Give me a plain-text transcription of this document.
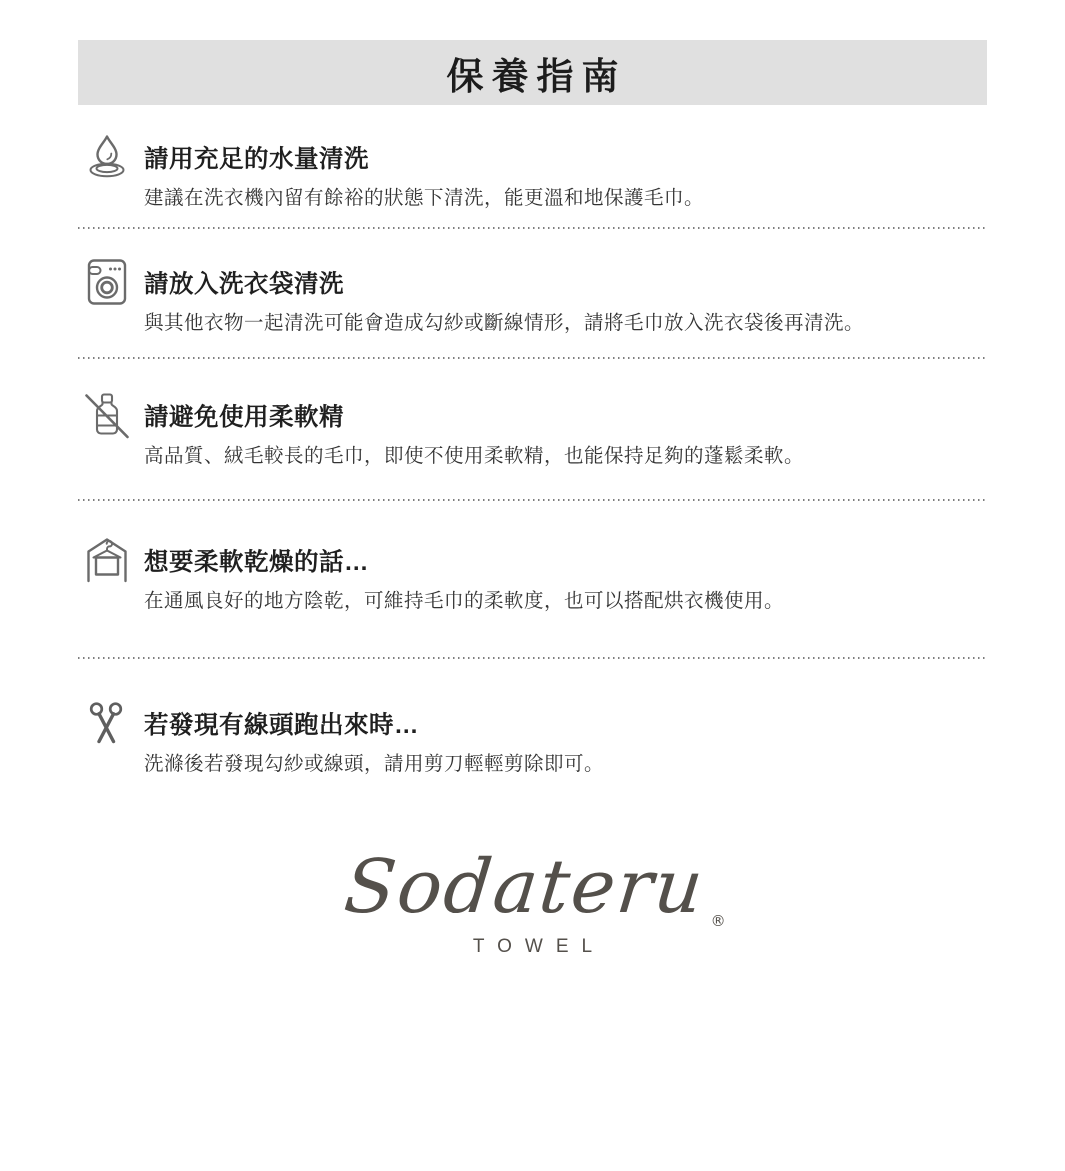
保養指南
請用充足的水量清洗
建議在洗衣機內留有餘裕的狀態下清洗，能更溫和地保護毛巾。
請放入洗衣袋清洗
與其他衣物一起清洗可能會造成勾紗或斷線情形，請將毛巾放入洗衣袋後再清洗。
請避免使用柔軟精
高品質、絨毛較長的毛巾，即使不使用柔軟精，也能保持足夠的蓬鬆柔軟。
想要柔軟乾燥的話…
在通風良好的地方陰乾，可維持毛巾的柔軟度，也可以搭配烘衣機使用。
若發現有線頭跑出來時…
洗滌後若發現勾紗或線頭，請用剪刀輕輕剪除即可。
Sodateru®
TOWEL
